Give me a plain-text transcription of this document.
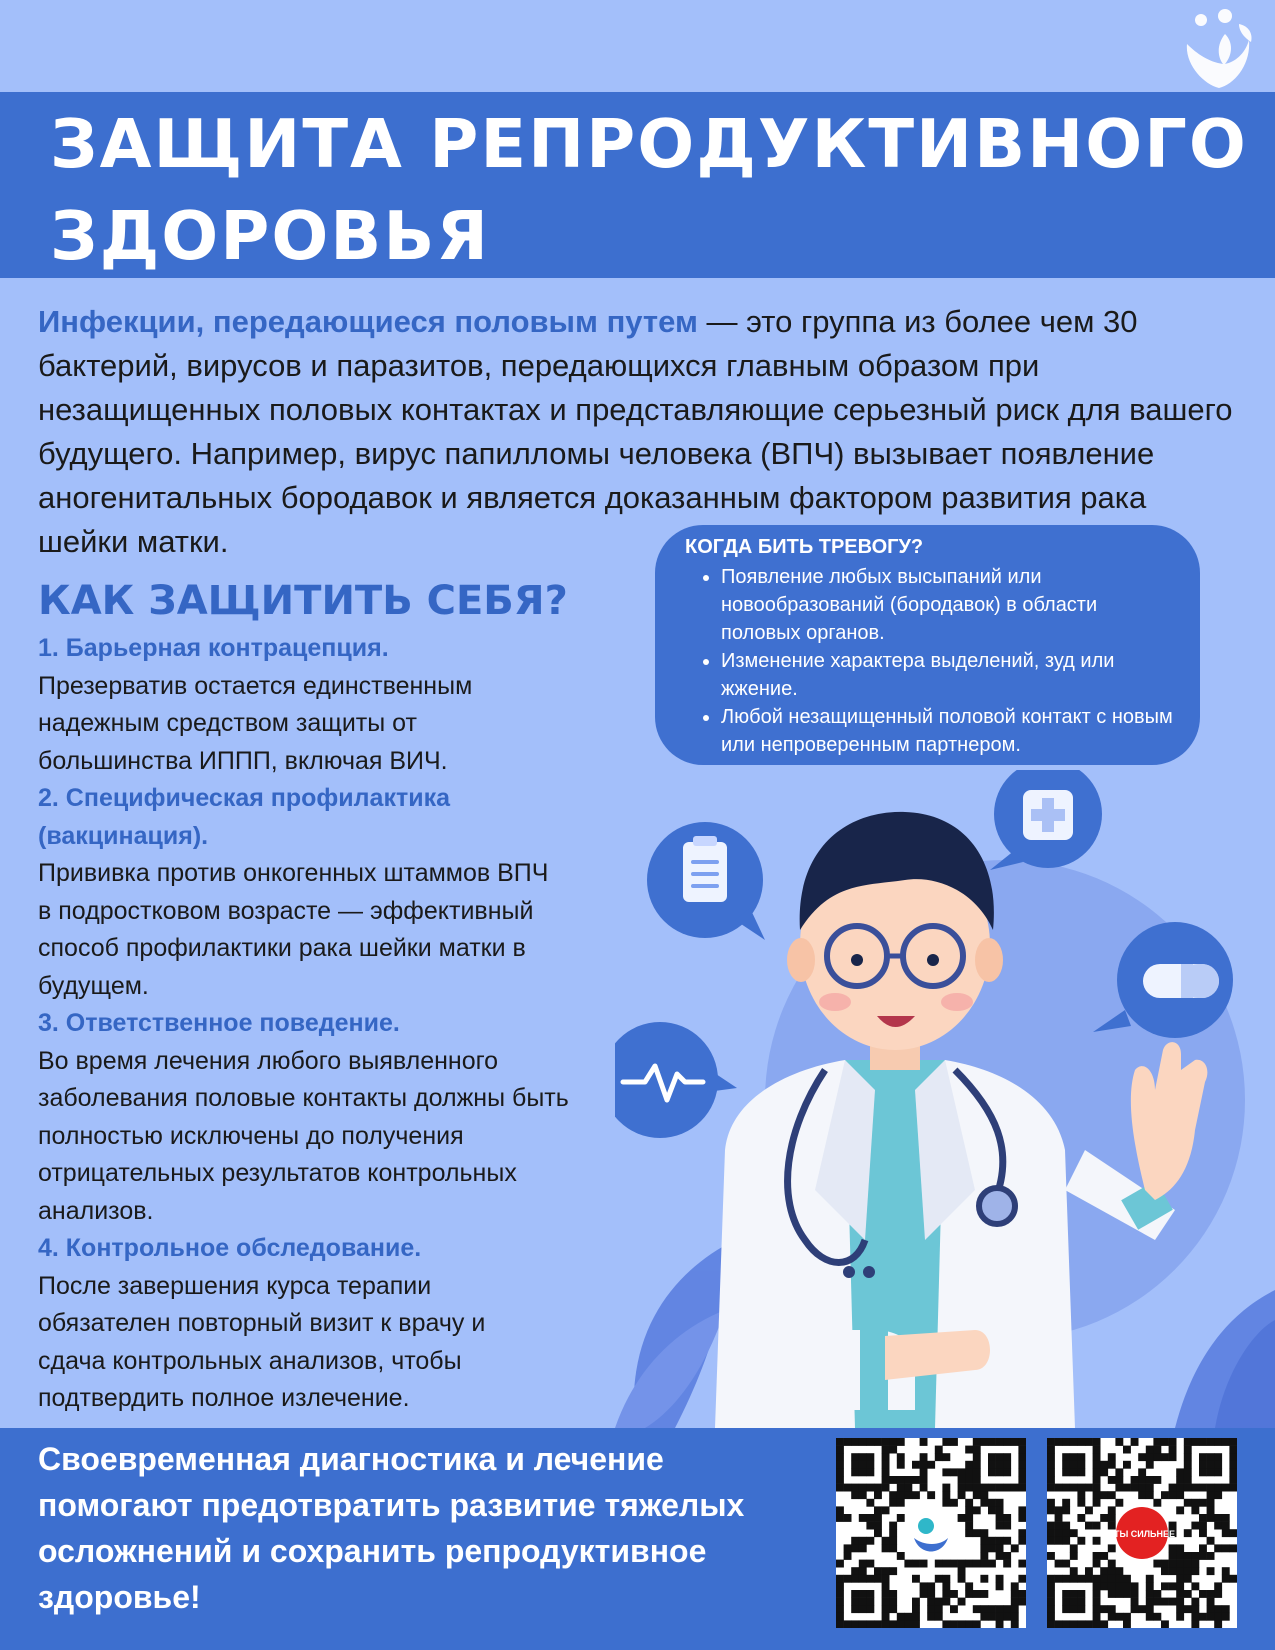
ЗАЩИТА РЕПРОДУКТИВНОГО
ЗДОРОВЬЯ

Инфекции, передающиеся половым путем — это группа из более чем 30 бактерий, вирусов и паразитов, передающихся главным образом при незащищенных половых контактах и представляющие серьезный риск для вашего будущего. Например, вирус папилломы человека (ВПЧ) вызывает появление аногенитальных бородавок и является доказанным фактором развития рака шейки матки.	КОГДА БИТЬ ТРЕВОГУ?
• Появление любых высыпаний или новообразований (бородавок) в области половых органов.
• Изменение характера выделений, зуд или жжение.
• Любой незащищенный половой контакт с новым или непроверенным партнером.
КАК ЗАЩИТИТЬ СЕБЯ?

1. Барьерная контрацепция.

Презерватив остается единственным надежным средством защиты от большинства ИППП, включая ВИЧ.

2. Специфическая профилактика (вакцинация).

Прививка против онкогенных штаммов ВПЧ в подростковом возрасте — эффективный способ профилактики рака шейки матки в будущем.

3. Ответственное поведение.

Во время лечения любого выявленного заболевания половые контакты должны быть полностью исключены до получения отрицательных результатов контрольных анализов.

4. Контрольное обследование.

После завершения курса терапии обязателен повторный визит к врачу и сдача контрольных анализов, чтобы подтвердить полное излечение.

Своевременная диагностика и лечение помогают предотвратить развитие тяжелых осложнений и сохранить репродуктивное здоровье!

#ТЫ СИЛЬНЕЕ
